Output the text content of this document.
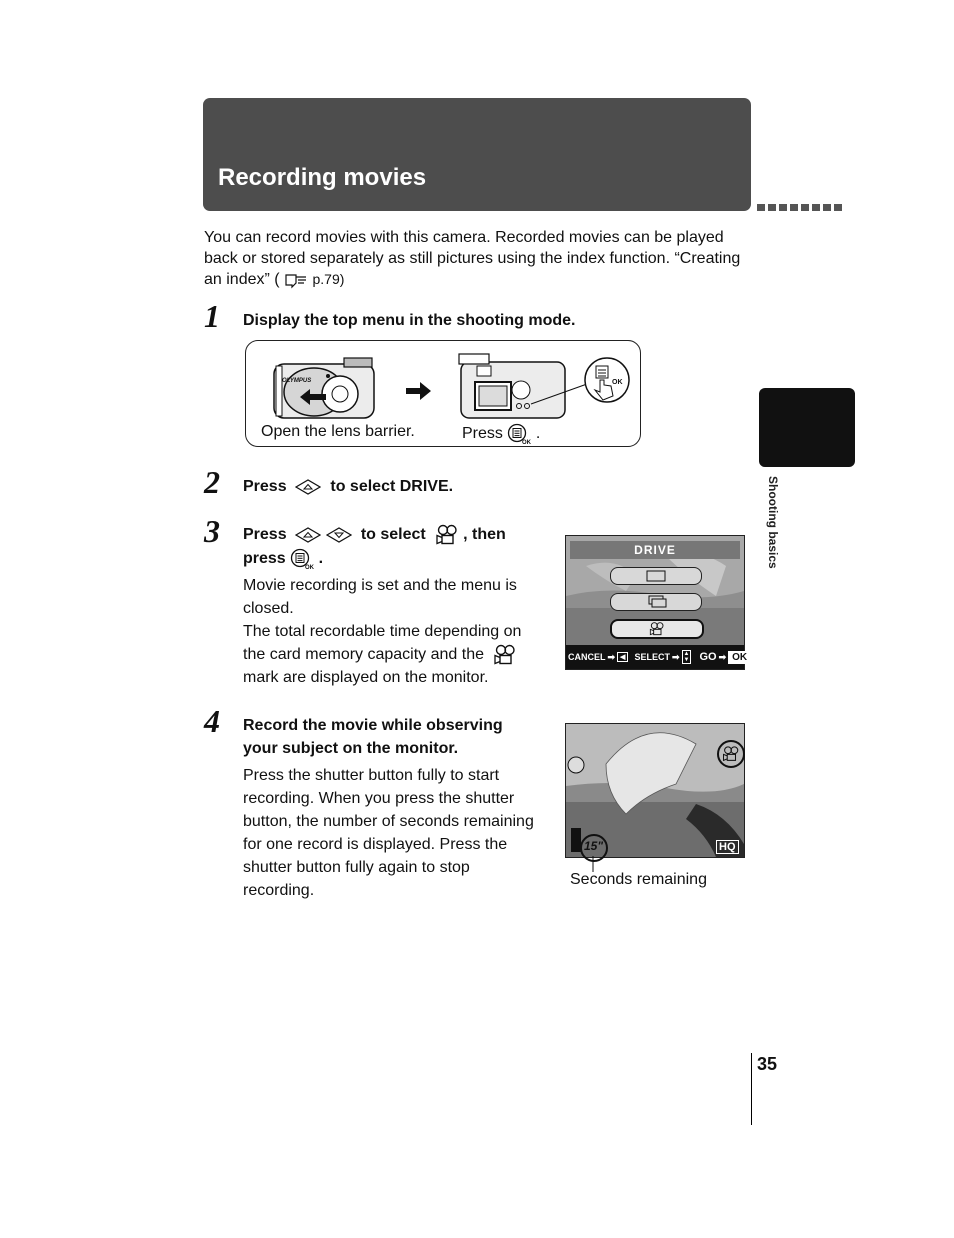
Recording movies
Shooting basics
You can record movies with this camera. Recorded movies can be played
back or stored separately as still pictures using the index function. “Creating
an index” ( p.79)
1 Display the top menu in the shooting mode.
OLYMPUS	OK
Open the lens barrier.	Press .
2 Press	to select DRIVE.
3 Press	to select , then
press .
Movie recording is set and the menu is
closed.
The total recordable time depending on
the card memory capacity and the
mark are displayed on the monitor.
DRIVE
CANCEL ➡ ◀	SELECT ➡ ▲
▼ GO ➡ OK
4 Record the movie while observing
your subject on the monitor.
Press the shutter button fully to start
recording. When you press the shutter
button, the number of seconds remaining
for one record is displayed. Press the
shutter button fully again to stop
recording.
15"	HQ
Seconds remaining
35
